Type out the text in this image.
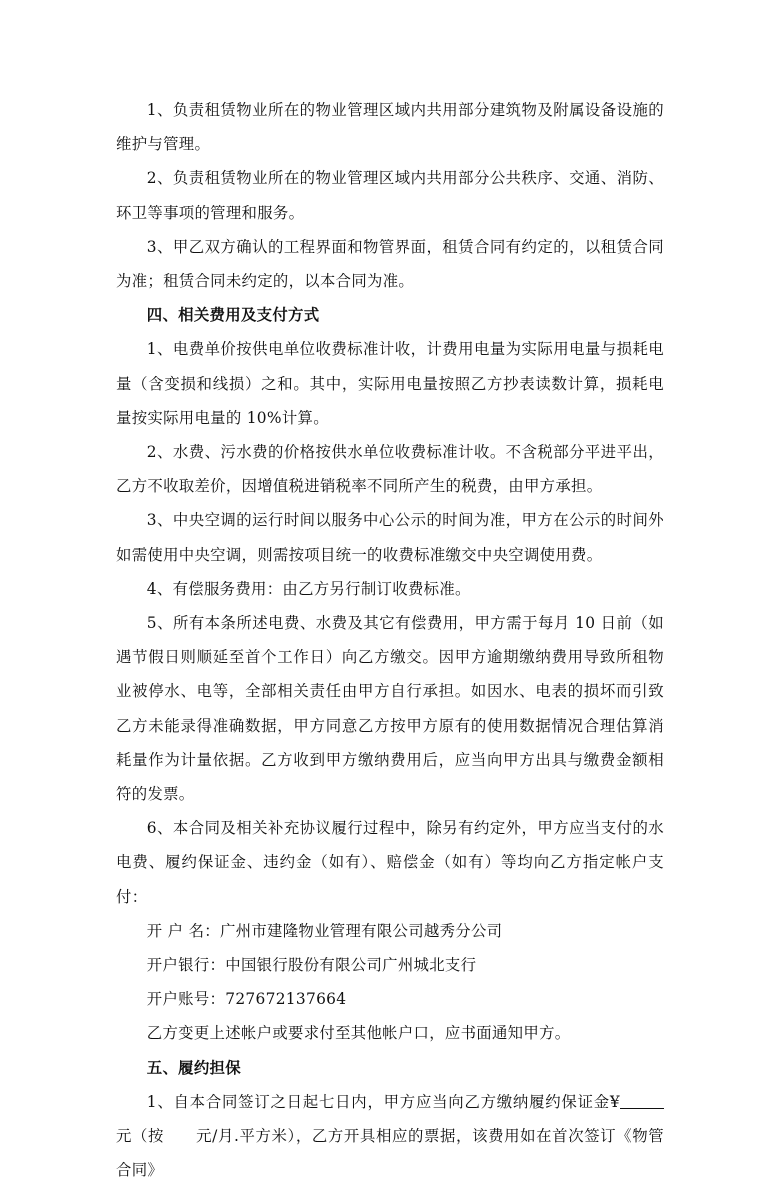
1、负责租赁物业所在的物业管理区域内共用部分建筑物及附属设备设施的维护与管理。

2、负责租赁物业所在的物业管理区域内共用部分公共秩序、交通、消防、环卫等事项的管理和服务。

3、甲乙双方确认的工程界面和物管界面，租赁合同有约定的，以租赁合同为准；租赁合同未约定的，以本合同为准。

四、相关费用及支付方式

1、电费单价按供电单位收费标准计收，计费用电量为实际用电量与损耗电量（含变损和线损）之和。其中，实际用电量按照乙方抄表读数计算，损耗电量按实际用电量的 10%计算。

2、水费、污水费的价格按供水单位收费标准计收。不含税部分平进平出，乙方不收取差价，因增值税进销税率不同所产生的税费，由甲方承担。

3、中央空调的运行时间以服务中心公示的时间为准，甲方在公示的时间外如需使用中央空调，则需按项目统一的收费标准缴交中央空调使用费。

4、有偿服务费用：由乙方另行制订收费标准。

5、所有本条所述电费、水费及其它有偿费用，甲方需于每月 10 日前（如遇节假日则顺延至首个工作日）向乙方缴交。因甲方逾期缴纳费用导致所租物业被停水、电等，全部相关责任由甲方自行承担。如因水、电表的损坏而引致乙方未能录得准确数据，甲方同意乙方按甲方原有的使用数据情况合理估算消耗量作为计量依据。乙方收到甲方缴纳费用后，应当向甲方出具与缴费金额相符的发票。

6、本合同及相关补充协议履行过程中，除另有约定外，甲方应当支付的水电费、履约保证金、违约金（如有）、赔偿金（如有）等均向乙方指定帐户支付：

开 户 名：广州市建隆物业管理有限公司越秀分公司

开户银行：中国银行股份有限公司广州城北支行

开户账号：727672137664

乙方变更上述帐户或要求付至其他帐户口，应书面通知甲方。

五、履约担保

1、自本合同签订之日起七日内，甲方应当向乙方缴纳履约保证金¥元（按　　 元/月.平方米），乙方开具相应的票据，该费用如在首次签订《物管合同》
